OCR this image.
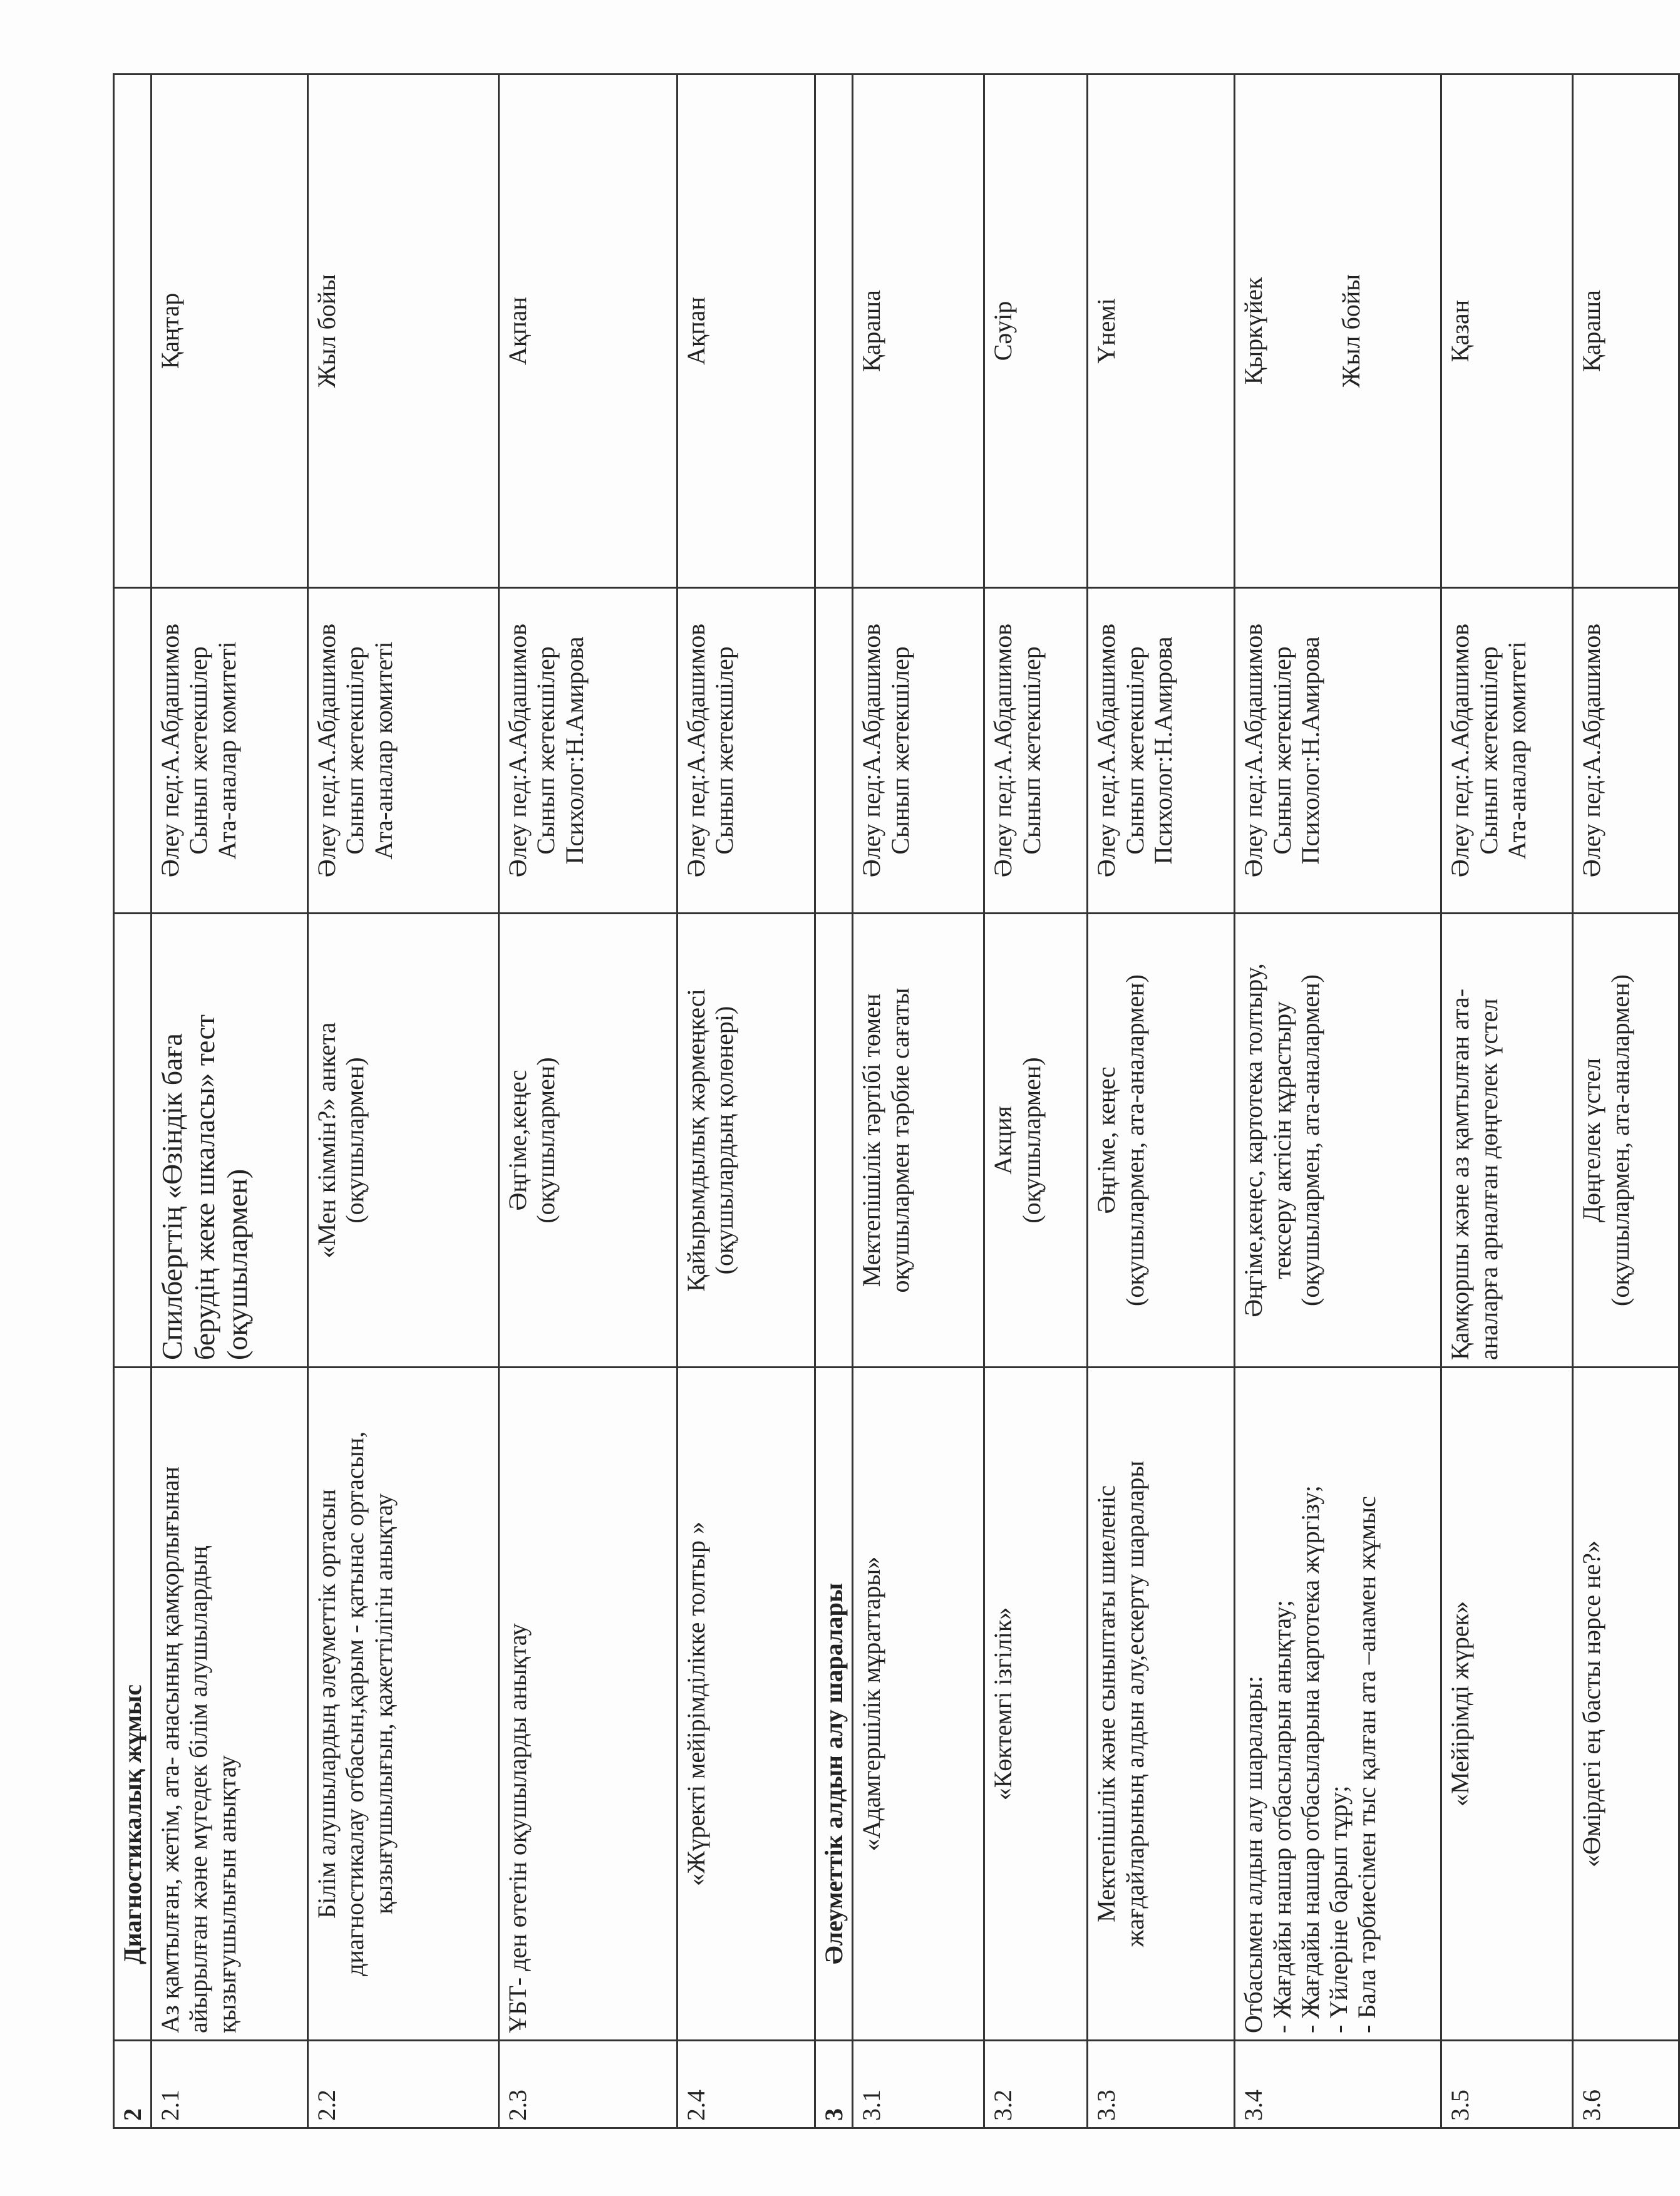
2	Диагностикалық жұмыс			
2.1	Аз қамтылған, жетім, ата- анасының қамқорлығынан айырылған және мүгедек білім алушылардың қызығушылығын анықтау	Спилбергтің «Өзіндік баға берудің жеке шкаласы» тест (оқушылармен)	Әлеу пед:А.Абдашимов Сынып жетекшілер Ата-аналар комитеті	Қаңтар

2.2	Білім алушылардың әлеуметтік ортасын диагностикалау отбасын,қарым - қатынас ортасын, қызығушылығын, қажеттілігін анықтау	«Мен кіммін?» анкета (оқушылармен)	Әлеу пед:А.Абдашимов Сынып жетекшілер Ата-аналар комитеті	Жыл бойы

2.3	ҰБТ- ден өтетін оқушыларды анықтау	Әңгіме,кеңес (оқушылармен)	Әлеу пед:А.Абдашимов Сынып жетекшілер Психолог:Н.Амирова	Ақпан

2.4	«Жүректі мейірімділікке толтыр »	Қайырымдылық жәрмеңкесі (оқушылардың қолөнері)	Әлеу пед:А.Абдашимов Сынып жетекшілер	Ақпан

3	Әлеуметтік алдын алу шаралары			
3.1	«Адамгершілік мұраттары»	Мектепішілік тәртібі төмен оқушылармен тәрбие сағаты	Әлеу пед:А.Абдашимов Сынып жетекшілер	Қараша

3.2	«Көктемгі ізгілік»	Акция (оқушылармен)	Әлеу пед:А.Абдашимов Сынып жетекшілер	Сәуір

3.3	Мектепішілік және сыныптағы шиеленіс жағдайларының алдын алу,ескерту шаралары	Әңгіме, кеңес (оқушылармен, ата-аналармен)	Әлеу пед:А.Абдашимов Сынып жетекшілер Психолог:Н.Амирова	Үнемі

3.4	Отбасымен алдын алу шаралары: - Жағдайы нашар отбасыларын анықтау; - Жағдайы нашар отбасыларына картотека жүргізу; - Үйлеріне барып тұру; - Бала тәрбиесімен тыс қалған ата –анамен жұмыс	Әңгіме,кеңес, картотека толтыру, тексеру актісін құрастыру (оқушылармен, ата-аналармен)	Әлеу пед:А.Абдашимов Сынып жетекшілер Психолог:Н.Амирова	Қыркүйек Жыл бойы

3.5	«Мейірімді жүрек»	Қамқоршы және аз қамтылған ата- аналарға арналған дөңгелек үстел	Әлеу пед:А.Абдашимов Сынып жетекшілер Ата-аналар комитеті	Қазан

3.6	«Өмірдегі ең басты нәрсе не?»	Дөңгелек үстел (оқушылармен, ата-аналармен)	Әлеу пед:А.Абдашимов	Қараша
